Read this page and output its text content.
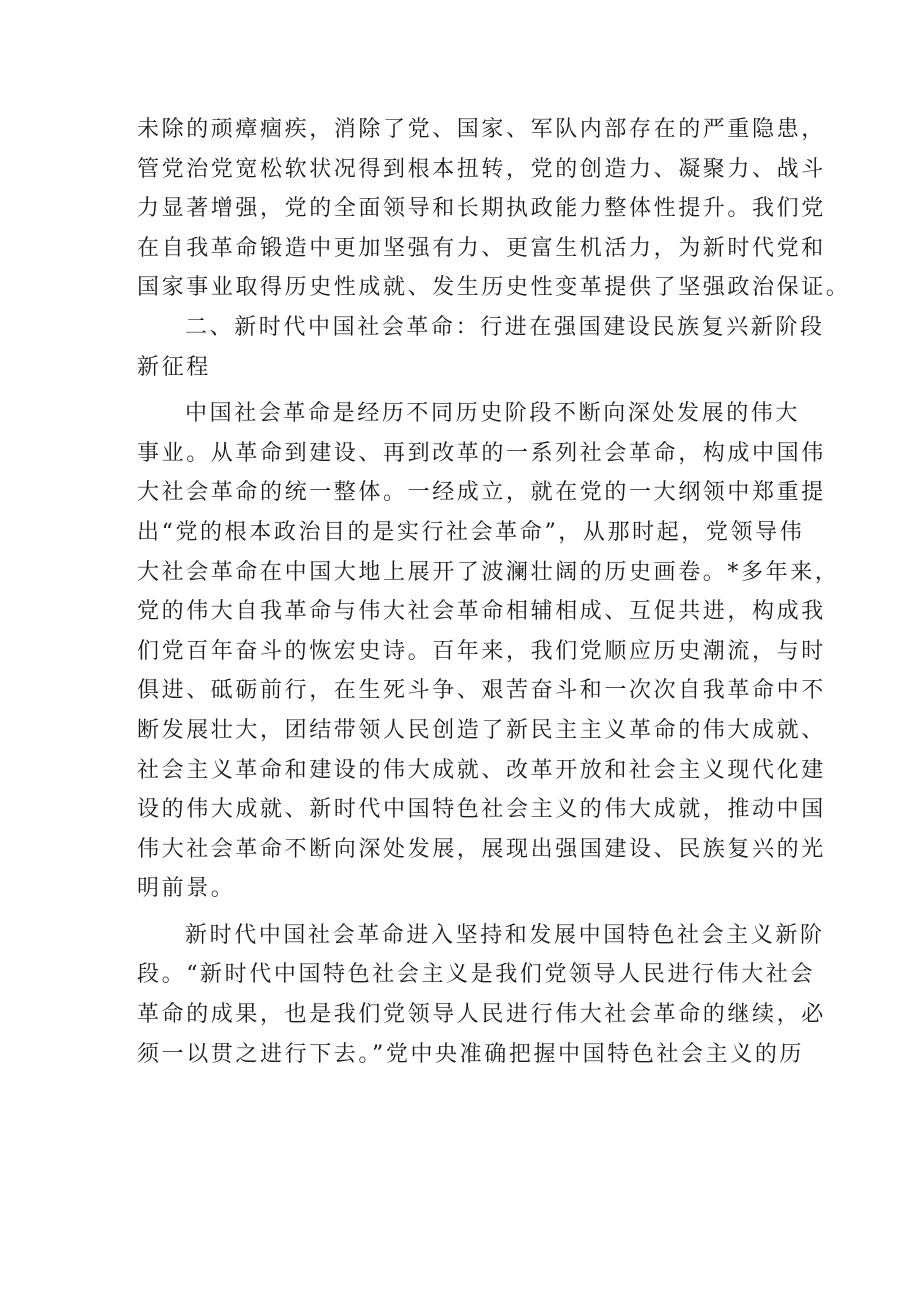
未除的顽瘴痼疾，消除了党、国家、军队内部存在的严重隐患，
管党治党宽松软状况得到根本扭转，党的创造力、凝聚力、战斗
力显著增强，党的全面领导和长期执政能力整体性提升。我们党
在自我革命锻造中更加坚强有力、更富生机活力，为新时代党和
国家事业取得历史性成就、发生历史性变革提供了坚强政治保证。
二、新时代中国社会革命：行进在强国建设民族复兴新阶段
新征程
中国社会革命是经历不同历史阶段不断向深处发展的伟大
事业。从革命到建设、再到改革的一系列社会革命，构成中国伟
大社会革命的统一整体。一经成立，就在党的一大纲领中郑重提
出“党的根本政治目的是实行社会革命”，从那时起，党领导伟
大社会革命在中国大地上展开了波澜壮阔的历史画卷。*多年来，
党的伟大自我革命与伟大社会革命相辅相成、互促共进，构成我
们党百年奋斗的恢宏史诗。百年来，我们党顺应历史潮流，与时
俱进、砥砺前行，在生死斗争、艰苦奋斗和一次次自我革命中不
断发展壮大，团结带领人民创造了新民主主义革命的伟大成就、
社会主义革命和建设的伟大成就、改革开放和社会主义现代化建
设的伟大成就、新时代中国特色社会主义的伟大成就，推动中国
伟大社会革命不断向深处发展，展现出强国建设、民族复兴的光
明前景。
新时代中国社会革命进入坚持和发展中国特色社会主义新阶
段。“新时代中国特色社会主义是我们党领导人民进行伟大社会
革命的成果，也是我们党领导人民进行伟大社会革命的继续，必
须一以贯之进行下去。”党中央准确把握中国特色社会主义的历
